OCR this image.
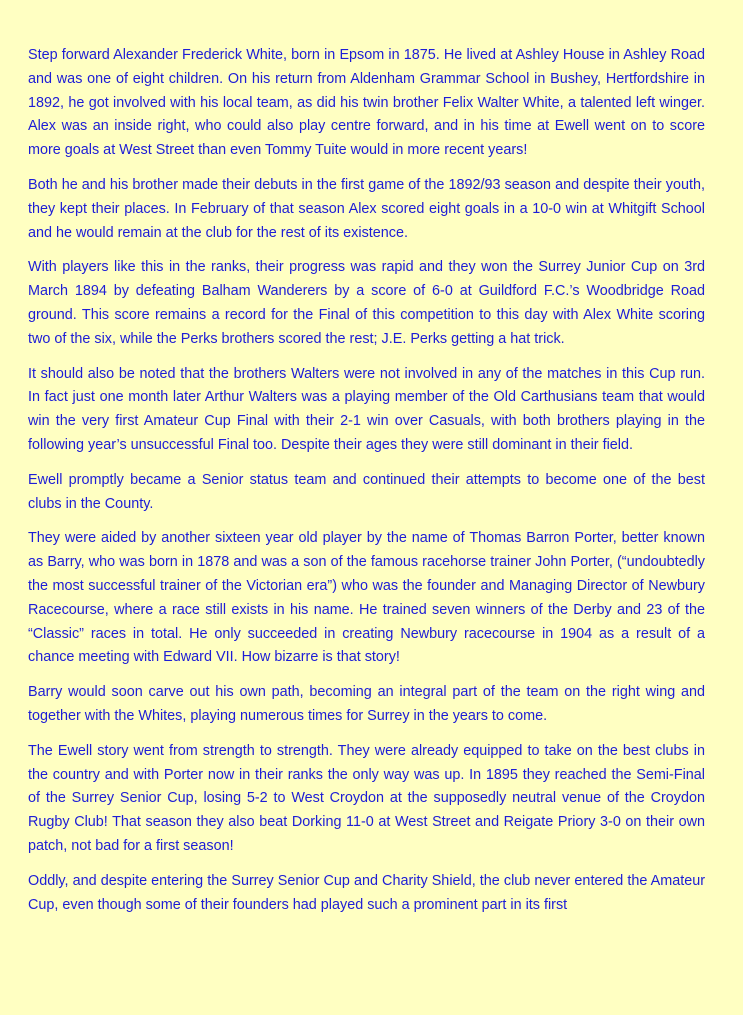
Step forward Alexander Frederick White, born in Epsom in 1875. He lived at Ashley House in Ashley Road and was one of eight children. On his return from Aldenham Grammar School in Bushey, Hertfordshire in 1892, he got involved with his local team, as did his twin brother Felix Walter White, a talented left winger. Alex was an inside right, who could also play centre forward, and in his time at Ewell went on to score more goals at West Street than even Tommy Tuite would in more recent years!

Both he and his brother made their debuts in the first game of the 1892/93 season and despite their youth, they kept their places. In February of that season Alex scored eight goals in a 10-0 win at Whitgift School and he would remain at the club for the rest of its existence.

With players like this in the ranks, their progress was rapid and they won the Surrey Junior Cup on 3rd March 1894 by defeating Balham Wanderers by a score of 6-0 at Guildford F.C.’s Woodbridge Road ground. This score remains a record for the Final of this competition to this day with Alex White scoring two of the six, while the Perks brothers scored the rest; J.E. Perks getting a hat trick.

It should also be noted that the brothers Walters were not involved in any of the matches in this Cup run. In fact just one month later Arthur Walters was a playing member of the Old Carthusians team that would win the very first Amateur Cup Final with their 2-1 win over Casuals, with both brothers playing in the following year’s unsuccessful Final too. Despite their ages they were still dominant in their field.

Ewell promptly became a Senior status team and continued their attempts to become one of the best clubs in the County.

They were aided by another sixteen year old player by the name of Thomas Barron Porter, better known as Barry, who was born in 1878 and was a son of the famous racehorse trainer John Porter, (“undoubtedly the most successful trainer of the Victorian era”) who was the founder and Managing Director of Newbury Racecourse, where a race still exists in his name. He trained seven winners of the Derby and 23 of the “Classic” races in total. He only succeeded in creating Newbury racecourse in 1904 as a result of a chance meeting with Edward VII. How bizarre is that story!

Barry would soon carve out his own path, becoming an integral part of the team on the right wing and together with the Whites, playing numerous times for Surrey in the years to come.

The Ewell story went from strength to strength. They were already equipped to take on the best clubs in the country and with Porter now in their ranks the only way was up. In 1895 they reached the Semi-Final of the Surrey Senior Cup, losing 5-2 to West Croydon at the supposedly neutral venue of the Croydon Rugby Club! That season they also beat Dorking 11-0 at West Street and Reigate Priory 3-0 on their own patch, not bad for a first season!

Oddly, and despite entering the Surrey Senior Cup and Charity Shield, the club never entered the Amateur Cup, even though some of their founders had played such a prominent part in its first
